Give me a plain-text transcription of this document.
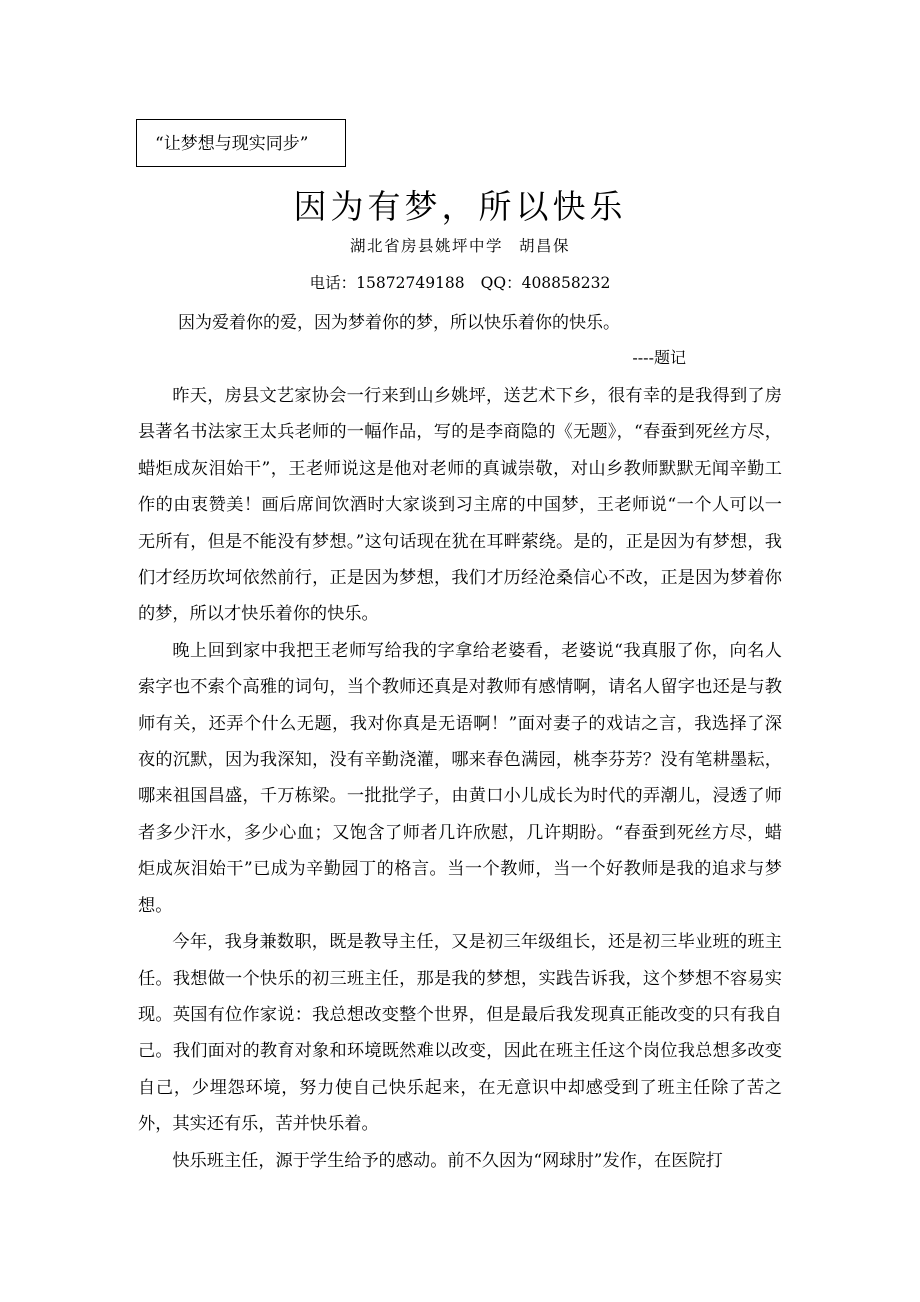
“让梦想与现实同步”
因为有梦，所以快乐
湖北省房县姚坪中学 胡昌保
电话：15872749188 QQ：408858232
因为爱着你的爱，因为梦着你的梦，所以快乐着你的快乐。
----题记

昨天，房县文艺家协会一行来到山乡姚坪，送艺术下乡，很有幸的是我得到了房县著名书法家王太兵老师的一幅作品，写的是李商隐的《无题》，“春蚕到死丝方尽，蜡炬成灰泪始干”，王老师说这是他对老师的真诚崇敬，对山乡教师默默无闻辛勤工作的由衷赞美！画后席间饮酒时大家谈到习主席的中国梦，王老师说“一个人可以一无所有，但是不能没有梦想。”这句话现在犹在耳畔萦绕。是的，正是因为有梦想，我们才经历坎坷依然前行，正是因为梦想，我们才历经沧桑信心不改，正是因为梦着你的梦，所以才快乐着你的快乐。

晚上回到家中我把王老师写给我的字拿给老婆看，老婆说“我真服了你，向名人索字也不索个高雅的词句，当个教师还真是对教师有感情啊，请名人留字也还是与教师有关，还弄个什么无题，我对你真是无语啊！”面对妻子的戏诘之言，我选择了深夜的沉默，因为我深知，没有辛勤浇灌，哪来春色满园，桃李芬芳？没有笔耕墨耘，哪来祖国昌盛，千万栋梁。一批批学子，由黄口小儿成长为时代的弄潮儿，浸透了师者多少汗水，多少心血；又饱含了师者几许欣慰，几许期盼。“春蚕到死丝方尽，蜡炬成灰泪始干”已成为辛勤园丁的格言。当一个教师，当一个好教师是我的追求与梦想。

今年，我身兼数职，既是教导主任，又是初三年级组长，还是初三毕业班的班主任。我想做一个快乐的初三班主任，那是我的梦想，实践告诉我，这个梦想不容易实现。英国有位作家说：我总想改变整个世界，但是最后我发现真正能改变的只有我自己。我们面对的教育对象和环境既然难以改变，因此在班主任这个岗位我总想多改变自己，少埋怨环境，努力使自己快乐起来，在无意识中却感受到了班主任除了苦之外，其实还有乐，苦并快乐着。

快乐班主任，源于学生给予的感动。前不久因为“网球肘”发作，在医院打
